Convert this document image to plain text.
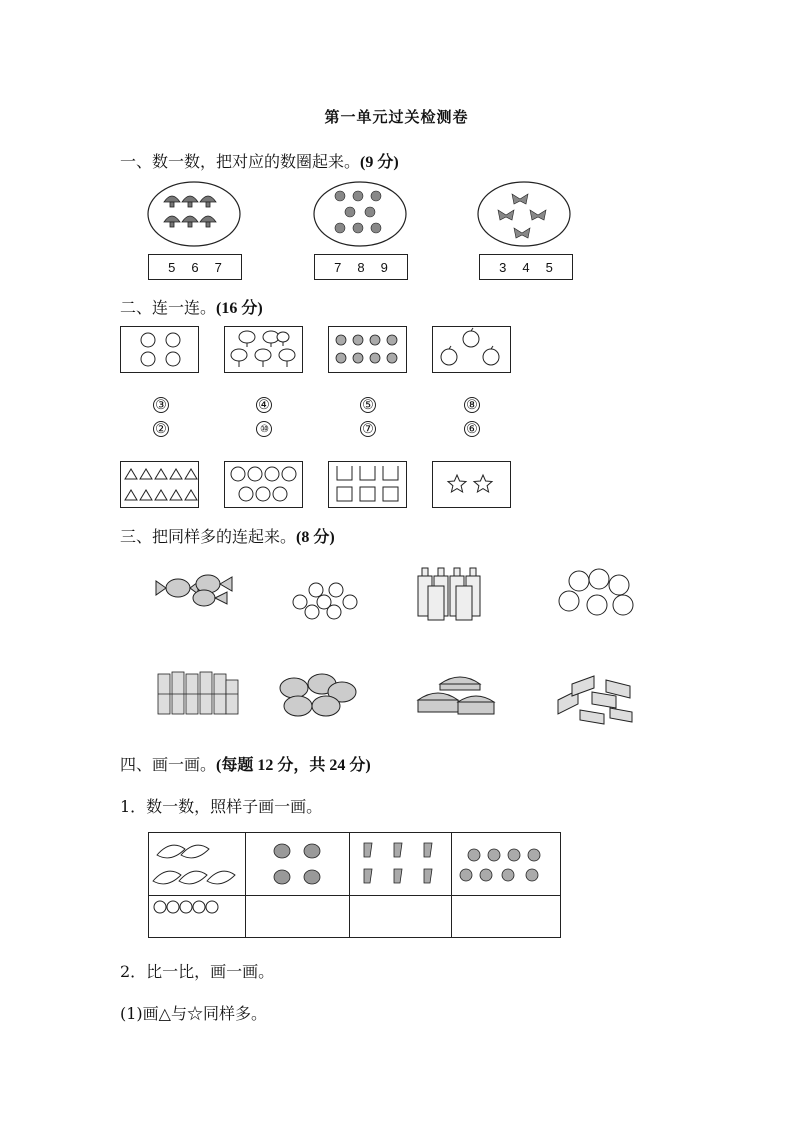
第一单元过关检测卷
一、数一数，把对应的数圈起来。(9 分)
5 6 7	7 8 9	3 4 5
二、连一连。(16 分)
③	④	⑤	⑧
②	⑩	⑦	⑥
三、把同样多的连起来。(8 分)
四、画一画。(每题 12 分，共 24 分)
1．数一数，照样子画一画。

2．比一比，画一画。
(1)画△与☆同样多。
